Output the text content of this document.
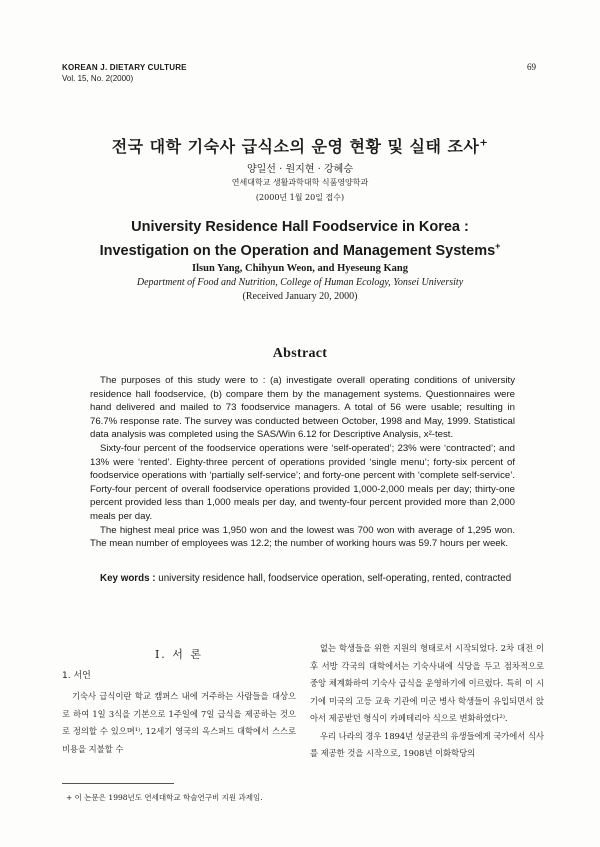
KOREAN J. DIETARY CULTURE
Vol. 15, No. 2(2000)
69
전국 대학 기숙사 급식소의 운영 현황 및 실태 조사+
양일선 · 원지현 · 강혜승
연세대학교 생활과학대학 식품영양학과
(2000년 1월 20일 접수)
University Residence Hall Foodservice in Korea :
Investigation on the Operation and Management Systems+
Ilsun Yang, Chihyun Weon, and Hyeseung Kang
Department of Food and Nutrition, College of Human Ecology, Yonsei University
(Received January 20, 2000)
Abstract

The purposes of this study were to : (a) investigate overall operating conditions of university residence hall foodservice, (b) compare them by the management systems. Questionnaires were hand delivered and mailed to 73 foodservice managers. A total of 56 were usable; resulting in 76.7% response rate. The survey was conducted between October, 1998 and May, 1999. Statistical data analysis was completed using the SAS/Win 6.12 for Descriptive Analysis, x²-test.

Sixty-four percent of the foodservice operations were ‘self-operated’; 23% were ‘contracted’; and 13% were ‘rented’. Eighty-three percent of operations provided ‘single menu’; forty-six percent of foodservice operations with ‘partially self-service’; and forty-one percent with ‘complete self-service’. Forty-four percent of overall foodservice operations provided 1,000-2,000 meals per day; thirty-one percent provided less than 1,000 meals per day, and twenty-four percent provided more than 2,000 meals per day.

The highest meal price was 1,950 won and the lowest was 700 won with average of 1,295 won. The mean number of employees was 12.2; the number of working hours was 59.7 hours per week.

Key words : university residence hall, foodservice operation, self-operating, rented, contracted
I. 서 론
1. 서언

기숙사 급식이란 학교 캠퍼스 내에 거주하는 사람들을 대상으로 하여 1일 3식을 기본으로 1주일에 7일 급식을 제공하는 것으로 정의할 수 있으며¹⁾, 12세기 영국의 옥스퍼드 대학에서 스스로 비용을 지불할 수

없는 학생들을 위한 지원의 형태로서 시작되었다. 2차 대전 이후 서방 각국의 대학에서는 기숙사내에 식당을 두고 점차적으로 중앙 체계화하여 기숙사 급식을 운영하기에 이르렀다. 특히 이 시기에 미국의 고등 교육 기관에 미군 병사 학생들이 유입되면서 앉아서 제공받던 형식이 카페테리아 식으로 변화하였다²⁾.

우리 나라의 경우 1894년 성균관의 유생들에게 국가에서 식사를 제공한 것을 시작으로, 1908년 이화학당의

+ 이 논문은 1998년도 연세대학교 학술연구비 지원 과제임.
